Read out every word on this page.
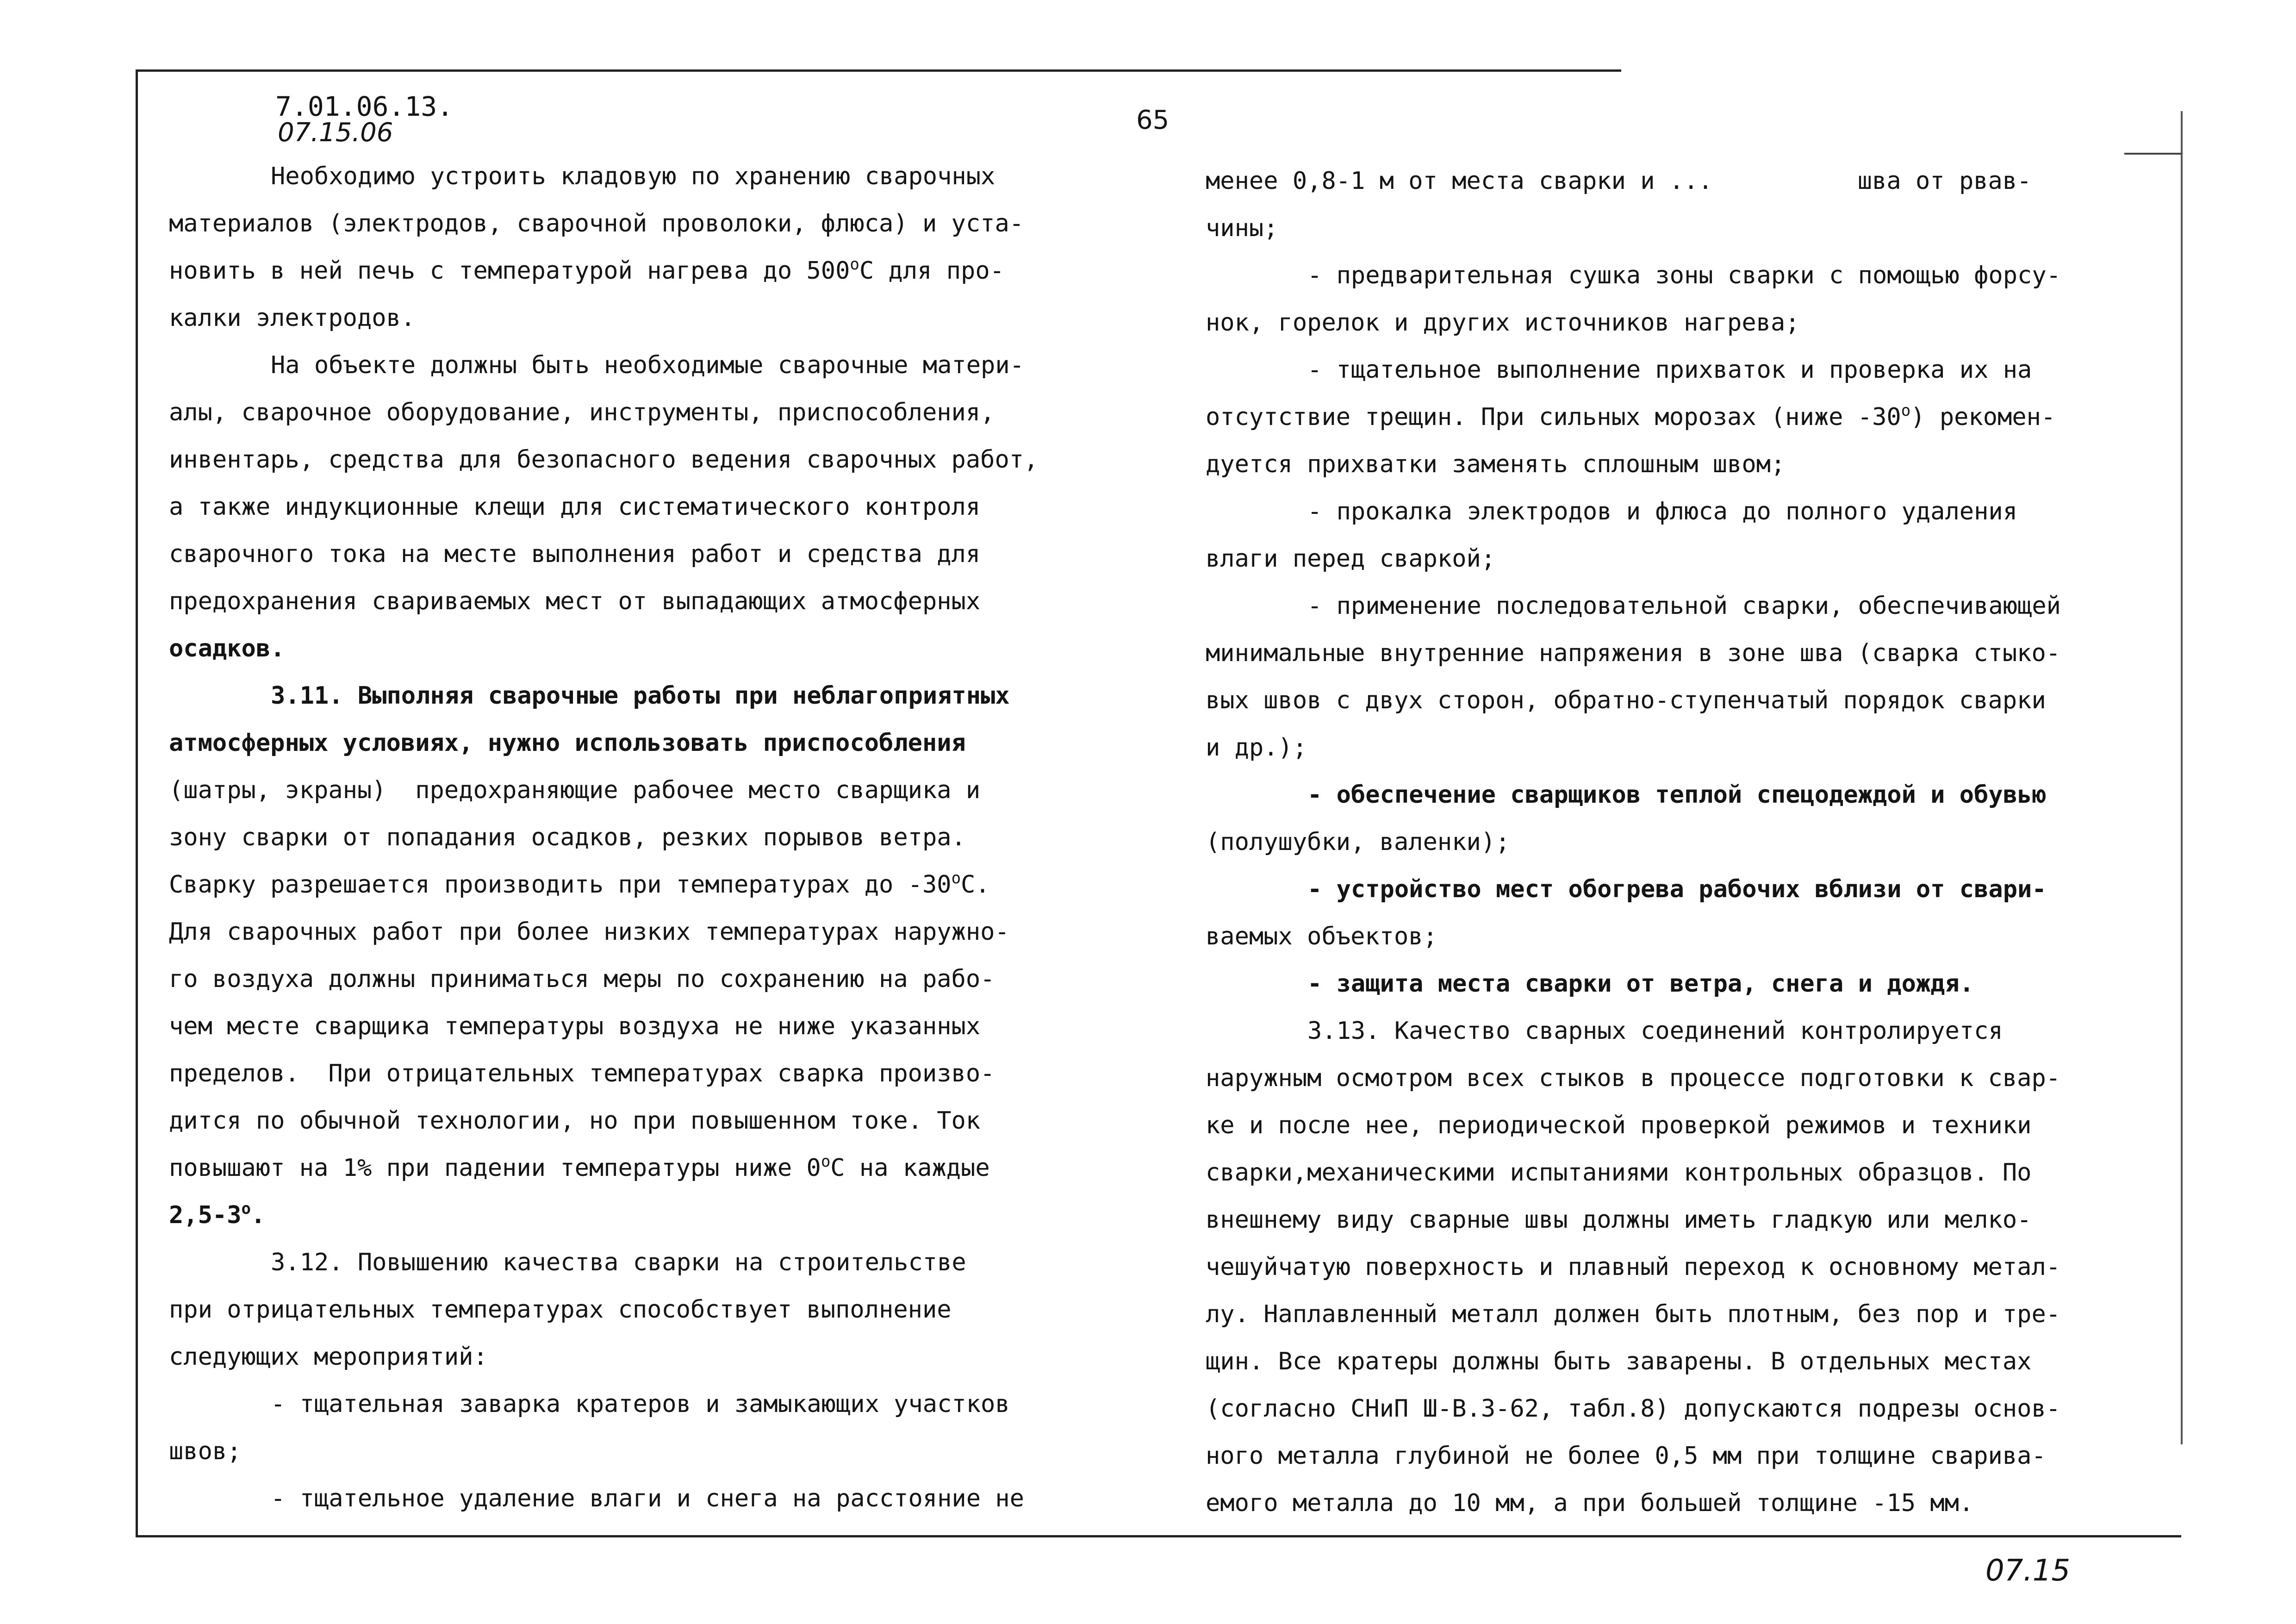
7.01.06.13.
07.15.06	65
Необходимо устроить кладовую по хранению сварочных
материалов (электродов, сварочной проволоки, флюса) и уста-
новить в ней печь с температурой нагрева до $500^оС$ для про-
калки электродов.
На объекте должны быть необходимые сварочные матери-
алы, сварочное оборудование, инструменты, приспособления,
инвентарь, средства для безопасного ведения сварочных работ,
а также индукционные клещи для систематического контроля
сварочного тока на месте выполнения работ и средства для
предохранения свариваемых мест от выпадающих атмосферных
осадков.
3.11. Выполняя сварочные работы при неблагоприятных
атмосферных условиях, нужно использовать приспособления
(шатры, экраны)  предохраняющие рабочее место сварщика и
зону сварки от попадания осадков, резких порывов ветра.
Сварку разрешается производить при температурах до $-30^оС$.
Для сварочных работ при более низких температурах наружно-
го воздуха должны приниматься меры по сохранению на рабо-
чем месте сварщика температуры воздуха не ниже указанных
пределов.  При отрицательных температурах сварка произво-
дится по обычной технологии, но при повышенном токе. Ток
повышают на 1% при падении температуры ниже $0^оС$ на каждые
$2,5-3^о$.
3.12. Повышению качества сварки на строительстве
при отрицательных температурах способствует выполнение
следующих мероприятий:
- тщательная заварка кратеров и замыкающих участков
швов;
- тщательное удаление влаги и снега на расстояние не
менее 0,8-1 м от места сварки и ...          шва от рвав-
чины;
- предварительная сушка зоны сварки с помощью форсу-
нок, горелок и других источников нагрева;
- тщательное выполнение прихваток и проверка их на
отсутствие трещин. При сильных морозах (ниже $-30^о$) рекомен-
дуется прихватки заменять сплошным швом;
- прокалка электродов и флюса до полного удаления
влаги перед сваркой;
- применение последовательной сварки, обеспечивающей
минимальные внутренние напряжения в зоне шва (сварка стыко-
вых швов с двух сторон, обратно-ступенчатый порядок сварки
и др.);
- обеспечение сварщиков теплой спецодеждой и обувью
(полушубки, валенки);
- устройство мест обогрева рабочих вблизи от свари-
ваемых объектов;
- защита места сварки от ветра, снега и дождя.
3.13. Качество сварных соединений контролируется
наружным осмотром всех стыков в процессе подготовки к свар-
ке и после нее, периодической проверкой режимов и техники
сварки,механическими испытаниями контрольных образцов. По
внешнему виду сварные швы должны иметь гладкую или мелко-
чешуйчатую поверхность и плавный переход к основному метал-
лу. Наплавленный металл должен быть плотным, без пор и тре-
щин. Все кратеры должны быть заварены. В отдельных местах
(согласно СНиП Ш-В.3-62, табл.8) допускаются подрезы основ-
ного металла глубиной не более 0,5 мм при толщине сварива-
емого металла до 10 мм, а при большей толщине -15 мм.
07.15
